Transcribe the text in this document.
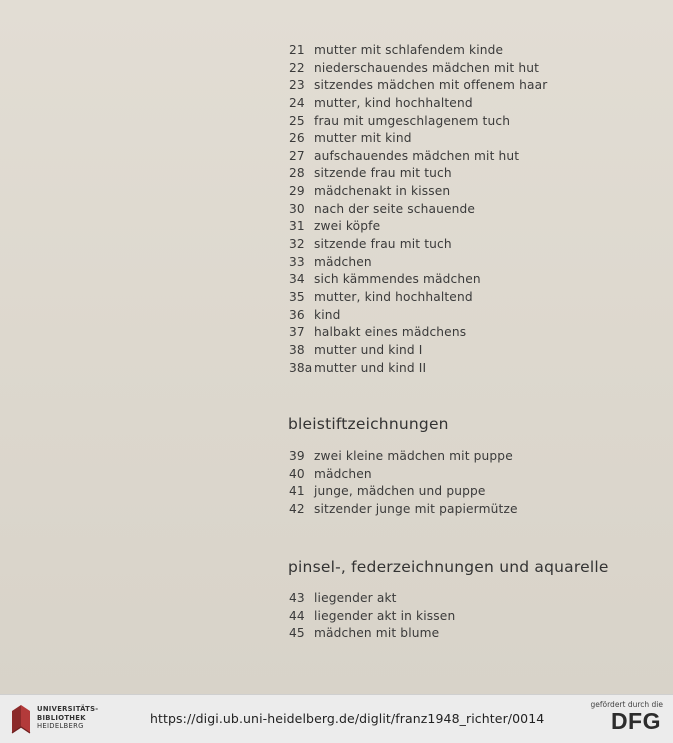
21 mutter mit schlafendem kinde
22 niederschauendes mädchen mit hut
23 sitzendes mädchen mit offenem haar
24 mutter, kind hochhaltend
25 frau mit umgeschlagenem tuch
26 mutter mit kind
27 aufschauendes mädchen mit hut
28 sitzende frau mit tuch
29 mädchenakt in kissen
30 nach der seite schauende
31 zwei köpfe
32 sitzende frau mit tuch
33 mädchen
34 sich kämmendes mädchen
35 mutter, kind hochhaltend
36 kind
37 halbakt eines mädchens
38 mutter und kind I
38a mutter und kind II
bleistiftzeichnungen
39 zwei kleine mädchen mit puppe
40 mädchen
41 junge, mädchen und puppe
42 sitzender junge mit papiermütze
pinsel-, federzeichnungen und aquarelle
43 liegender akt
44 liegender akt in kissen
45 mädchen mit blume
UNIVERSITÄTS-
BIBLIOTHEK
HEIDELBERG	https://digi.ub.uni-heidelberg.de/diglit/franz1948_richter/0014
gefördert durch die
DFG
